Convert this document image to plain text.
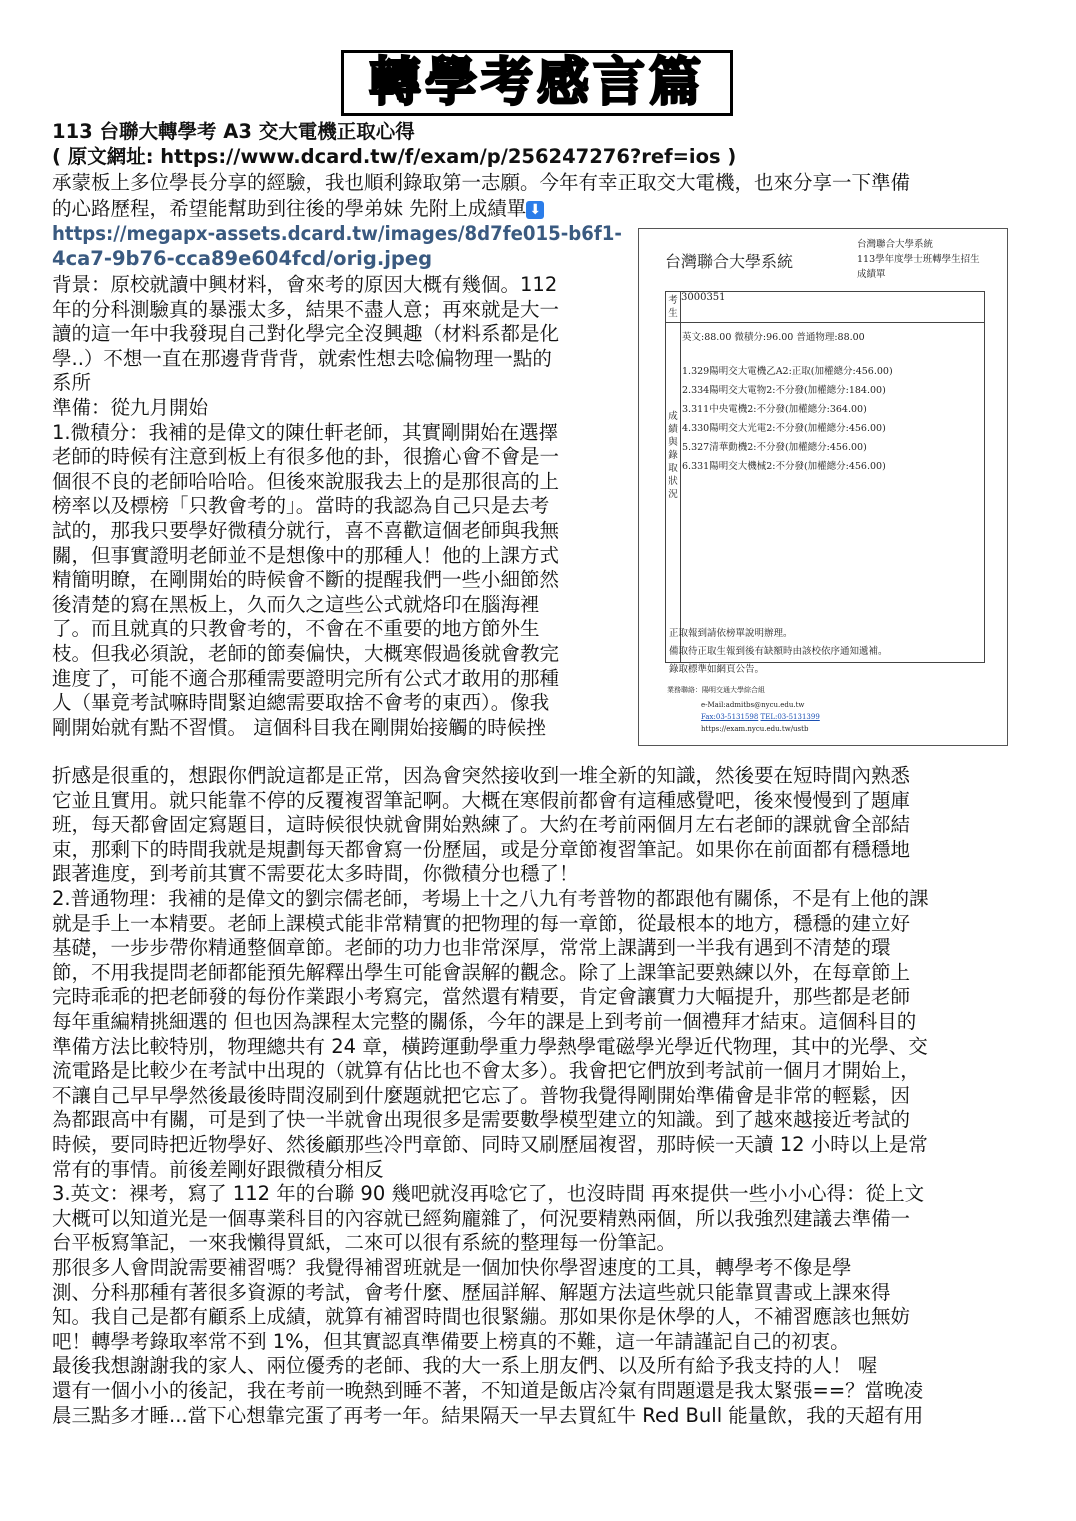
轉學考感言篇
113 台聯大轉學考 A3 交大電機正取心得
( 原文網址: https://www.dcard.tw/f/exam/p/256247276?ref=ios )
承蒙板上多位學長分享的經驗，我也順利錄取第一志願。今年有幸正取交大電機，也來分享一下準備
的心路歷程，希望能幫助到往後的學弟妹 先附上成績單 ⬇
https://megapx-assets.dcard.tw/images/8d7fe015-b6f1-
4ca7-9b76-cca89e604fcd/orig.jpeg
背景：原校就讀中興材料，會來考的原因大概有幾個。112
年的分科測驗真的暴漲太多，結果不盡人意；再來就是大一
讀的這一年中我發現自己對化學完全沒興趣（材料系都是化
學..）不想一直在那邊背背背，就索性想去唸偏物理一點的
系所
準備：從九月開始
1.微積分：我補的是偉文的陳仕軒老師，其實剛開始在選擇
老師的時候有注意到板上有很多他的卦，很擔心會不會是一
個很不良的老師哈哈哈。但後來說服我去上的是那很高的上
榜率以及標榜「只教會考的」。當時的我認為自己只是去考
試的，那我只要學好微積分就行，喜不喜歡這個老師與我無
關，但事實證明老師並不是想像中的那種人！他的上課方式
精簡明瞭，在剛開始的時候會不斷的提醒我們一些小細節然
後清楚的寫在黑板上，久而久之這些公式就烙印在腦海裡
了。而且就真的只教會考的，不會在不重要的地方節外生
枝。但我必須說，老師的節奏偏快，大概寒假過後就會教完
進度了，可能不適合那種需要證明完所有公式才敢用的那種
人（畢竟考試嘛時間緊迫總需要取捨不會考的東西）。像我
剛開始就有點不習慣。 這個科目我在剛開始接觸的時候挫
折感是很重的，想跟你們說這都是正常，因為會突然接收到一堆全新的知識，然後要在短時間內熟悉
它並且實用。就只能靠不停的反覆複習筆記啊。大概在寒假前都會有這種感覺吧，後來慢慢到了題庫
班，每天都會固定寫題目，這時候很快就會開始熟練了。大約在考前兩個月左右老師的課就會全部結
束，那剩下的時間我就是規劃每天都會寫一份歷屆，或是分章節複習筆記。如果你在前面都有穩穩地
跟著進度，到考前其實不需要花太多時間，你微積分也穩了！
2.普通物理：我補的是偉文的劉宗儒老師，考場上十之八九有考普物的都跟他有關係，不是有上他的課
就是手上一本精要。老師上課模式能非常精實的把物理的每一章節，從最根本的地方，穩穩的建立好
基礎，一步步帶你精通整個章節。老師的功力也非常深厚，常常上課講到一半我有遇到不清楚的環
節，不用我提問老師都能預先解釋出學生可能會誤解的觀念。除了上課筆記要熟練以外，在每章節上
完時乖乖的把老師發的每份作業跟小考寫完，當然還有精要，肯定會讓實力大幅提升，那些都是老師
每年重編精挑細選的 但也因為課程太完整的關係，今年的課是上到考前一個禮拜才結束。這個科目的
準備方法比較特別，物理總共有 24 章，橫跨運動學重力學熱學電磁學光學近代物理，其中的光學、交
流電路是比較少在考試中出現的（就算有佔比也不會太多）。我會把它們放到考試前一個月才開始上，
不讓自己早早學然後最後時間沒刷到什麼題就把它忘了。普物我覺得剛開始準備會是非常的輕鬆，因
為都跟高中有關，可是到了快一半就會出現很多是需要數學模型建立的知識。到了越來越接近考試的
時候，要同時把近物學好、然後顧那些冷門章節、同時又刷歷屆複習，那時候一天讀 12 小時以上是常
常有的事情。前後差剛好跟微積分相反
3.英文：裸考，寫了 112 年的台聯 90 幾吧就沒再唸它了，也沒時間 再來提供一些小小心得：從上文
大概可以知道光是一個專業科目的內容就已經夠龐雜了，何況要精熟兩個，所以我強烈建議去準備一
台平板寫筆記，一來我懶得買紙，二來可以很有系統的整理每一份筆記。
那很多人會問說需要補習嗎？我覺得補習班就是一個加快你學習速度的工具，轉學考不像是學
測、分科那種有著很多資源的考試，會考什麼、歷屆詳解、解題方法這些就只能靠買書或上課來得
知。我自己是都有顧系上成績，就算有補習時間也很緊繃。那如果你是休學的人，不補習應該也無妨
吧！轉學考錄取率常不到 1%，但其實認真準備要上榜真的不難，這一年請謹記自己的初衷。
最後我想謝謝我的家人、兩位優秀的老師、我的大一系上朋友們、以及所有給予我支持的人！ 喔
還有一個小小的後記，我在考前一晚熱到睡不著，不知道是飯店冷氣有問題還是我太緊張==？當晚凌
晨三點多才睡...當下心想靠完蛋了再考一年。結果隔天一早去買紅牛 Red Bull 能量飲，我的天超有用
台灣聯合大學系統
台灣聯合大學系統
113學年度學士班轉學生招生
成績單
考生
成績與錄取狀況
3000351
英文:88.00 微積分:96.00 普通物理:88.00
1.329陽明交大電機乙A2:正取(加權總分:456.00)
2.334陽明交大電物2:不分發(加權總分:184.00)
3.311中央電機2:不分發(加權總分:364.00)
4.330陽明交大光電2:不分發(加權總分:456.00)
5.327清華動機2:不分發(加權總分:456.00)
6.331陽明交大機械2:不分發(加權總分:456.00)
正取報到請依榜單說明辦理。
備取待正取生報到後有缺額時由該校依序通知遞補。
錄取標準如網頁公告。
業務聯絡：陽明交通大學綜合組
e-Mail:admitbs@nycu.edu.tw
Fax:03-5131598 TEL:03-5131399
https://exam.nycu.edu.tw/ustb
